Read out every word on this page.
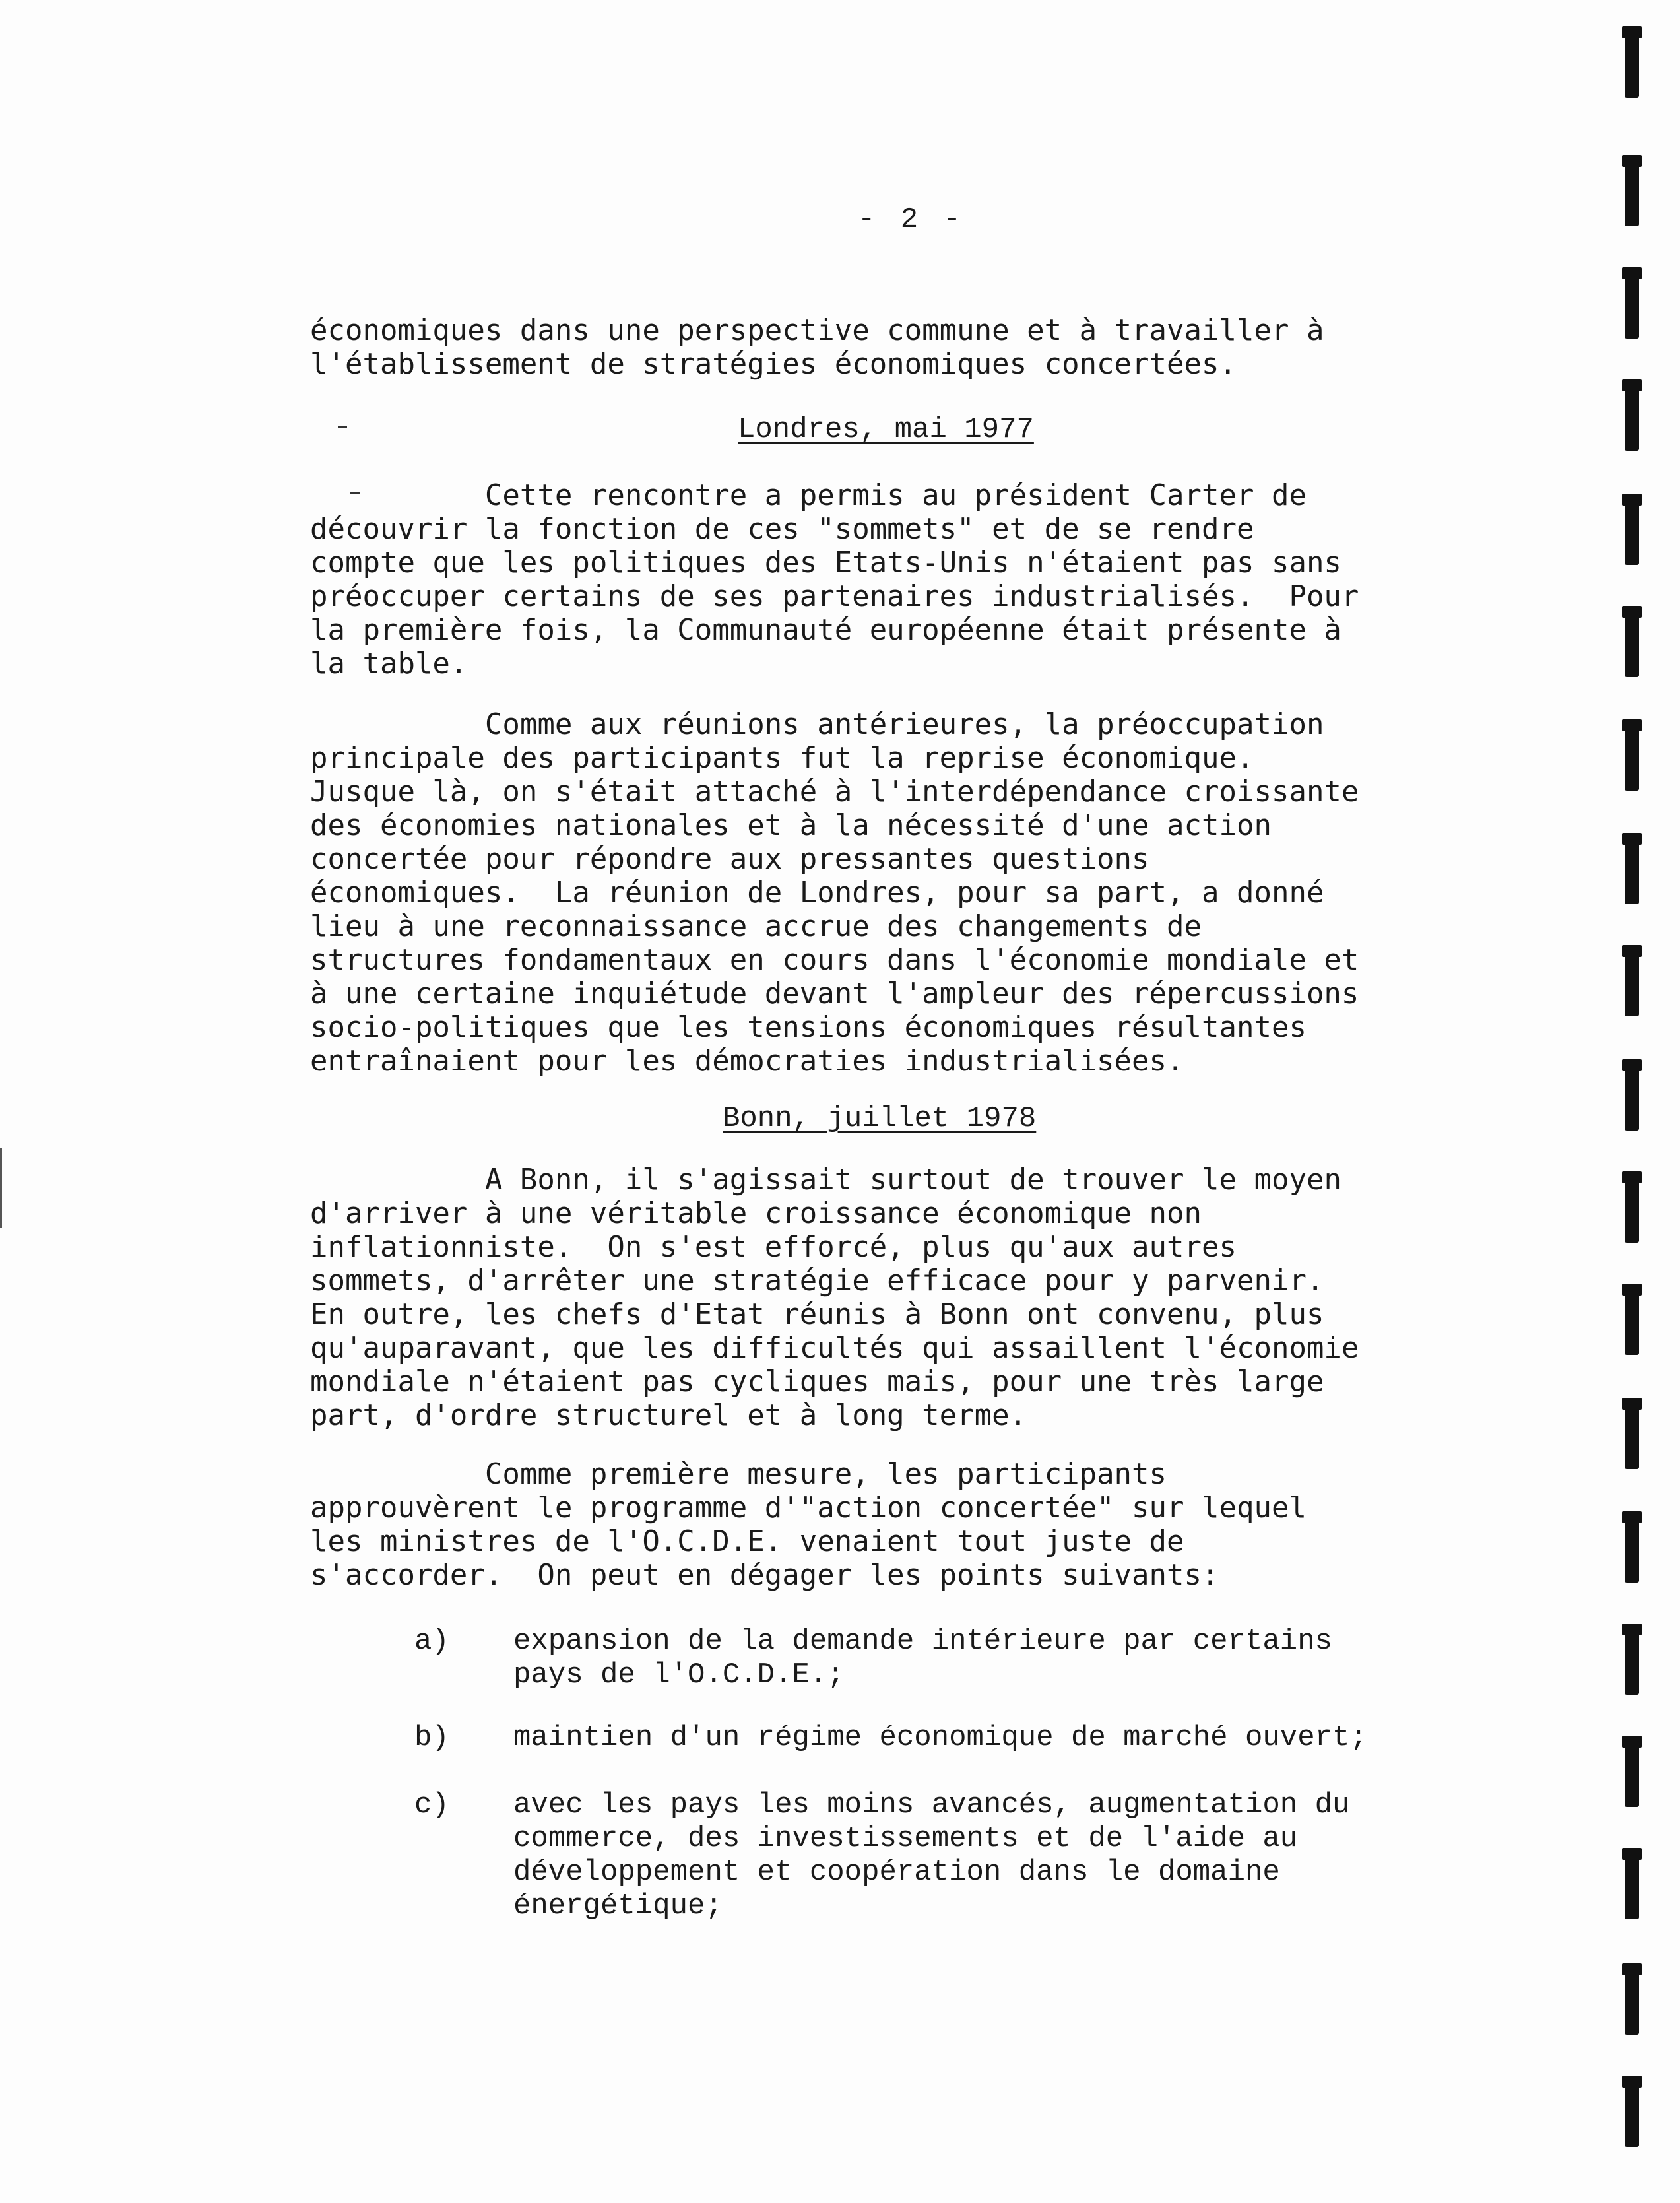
- 2 -
économiques dans une perspective commune et à travailler à
l'établissement de stratégies économiques concertées.
Londres, mai 1977
Cette rencontre a permis au président Carter de
découvrir la fonction de ces "sommets" et de se rendre
compte que les politiques des Etats-Unis n'étaient pas sans
préoccuper certains de ses partenaires industrialisés.  Pour
la première fois, la Communauté européenne était présente à
la table.
Comme aux réunions antérieures, la préoccupation
principale des participants fut la reprise économique.
Jusque là, on s'était attaché à l'interdépendance croissante
des économies nationales et à la nécessité d'une action
concertée pour répondre aux pressantes questions
économiques.  La réunion de Londres, pour sa part, a donné
lieu à une reconnaissance accrue des changements de
structures fondamentaux en cours dans l'économie mondiale et
à une certaine inquiétude devant l'ampleur des répercussions
socio-politiques que les tensions économiques résultantes
entraînaient pour les démocraties industrialisées.
Bonn, juillet 1978
A Bonn, il s'agissait surtout de trouver le moyen
d'arriver à une véritable croissance économique non
inflationniste.  On s'est efforcé, plus qu'aux autres
sommets, d'arrêter une stratégie efficace pour y parvenir.
En outre, les chefs d'Etat réunis à Bonn ont convenu, plus
qu'auparavant, que les difficultés qui assaillent l'économie
mondiale n'étaient pas cycliques mais, pour une très large
part, d'ordre structurel et à long terme.
Comme première mesure, les participants
approuvèrent le programme d'"action concertée" sur lequel
les ministres de l'O.C.D.E. venaient tout juste de
s'accorder.  On peut en dégager les points suivants:
a)	expansion de la demande intérieure par certains
pays de l'O.C.D.E.;
b)	maintien d'un régime économique de marché ouvert;
c)	avec les pays les moins avancés, augmentation du
commerce, des investissements et de l'aide au
développement et coopération dans le domaine
énergétique;
